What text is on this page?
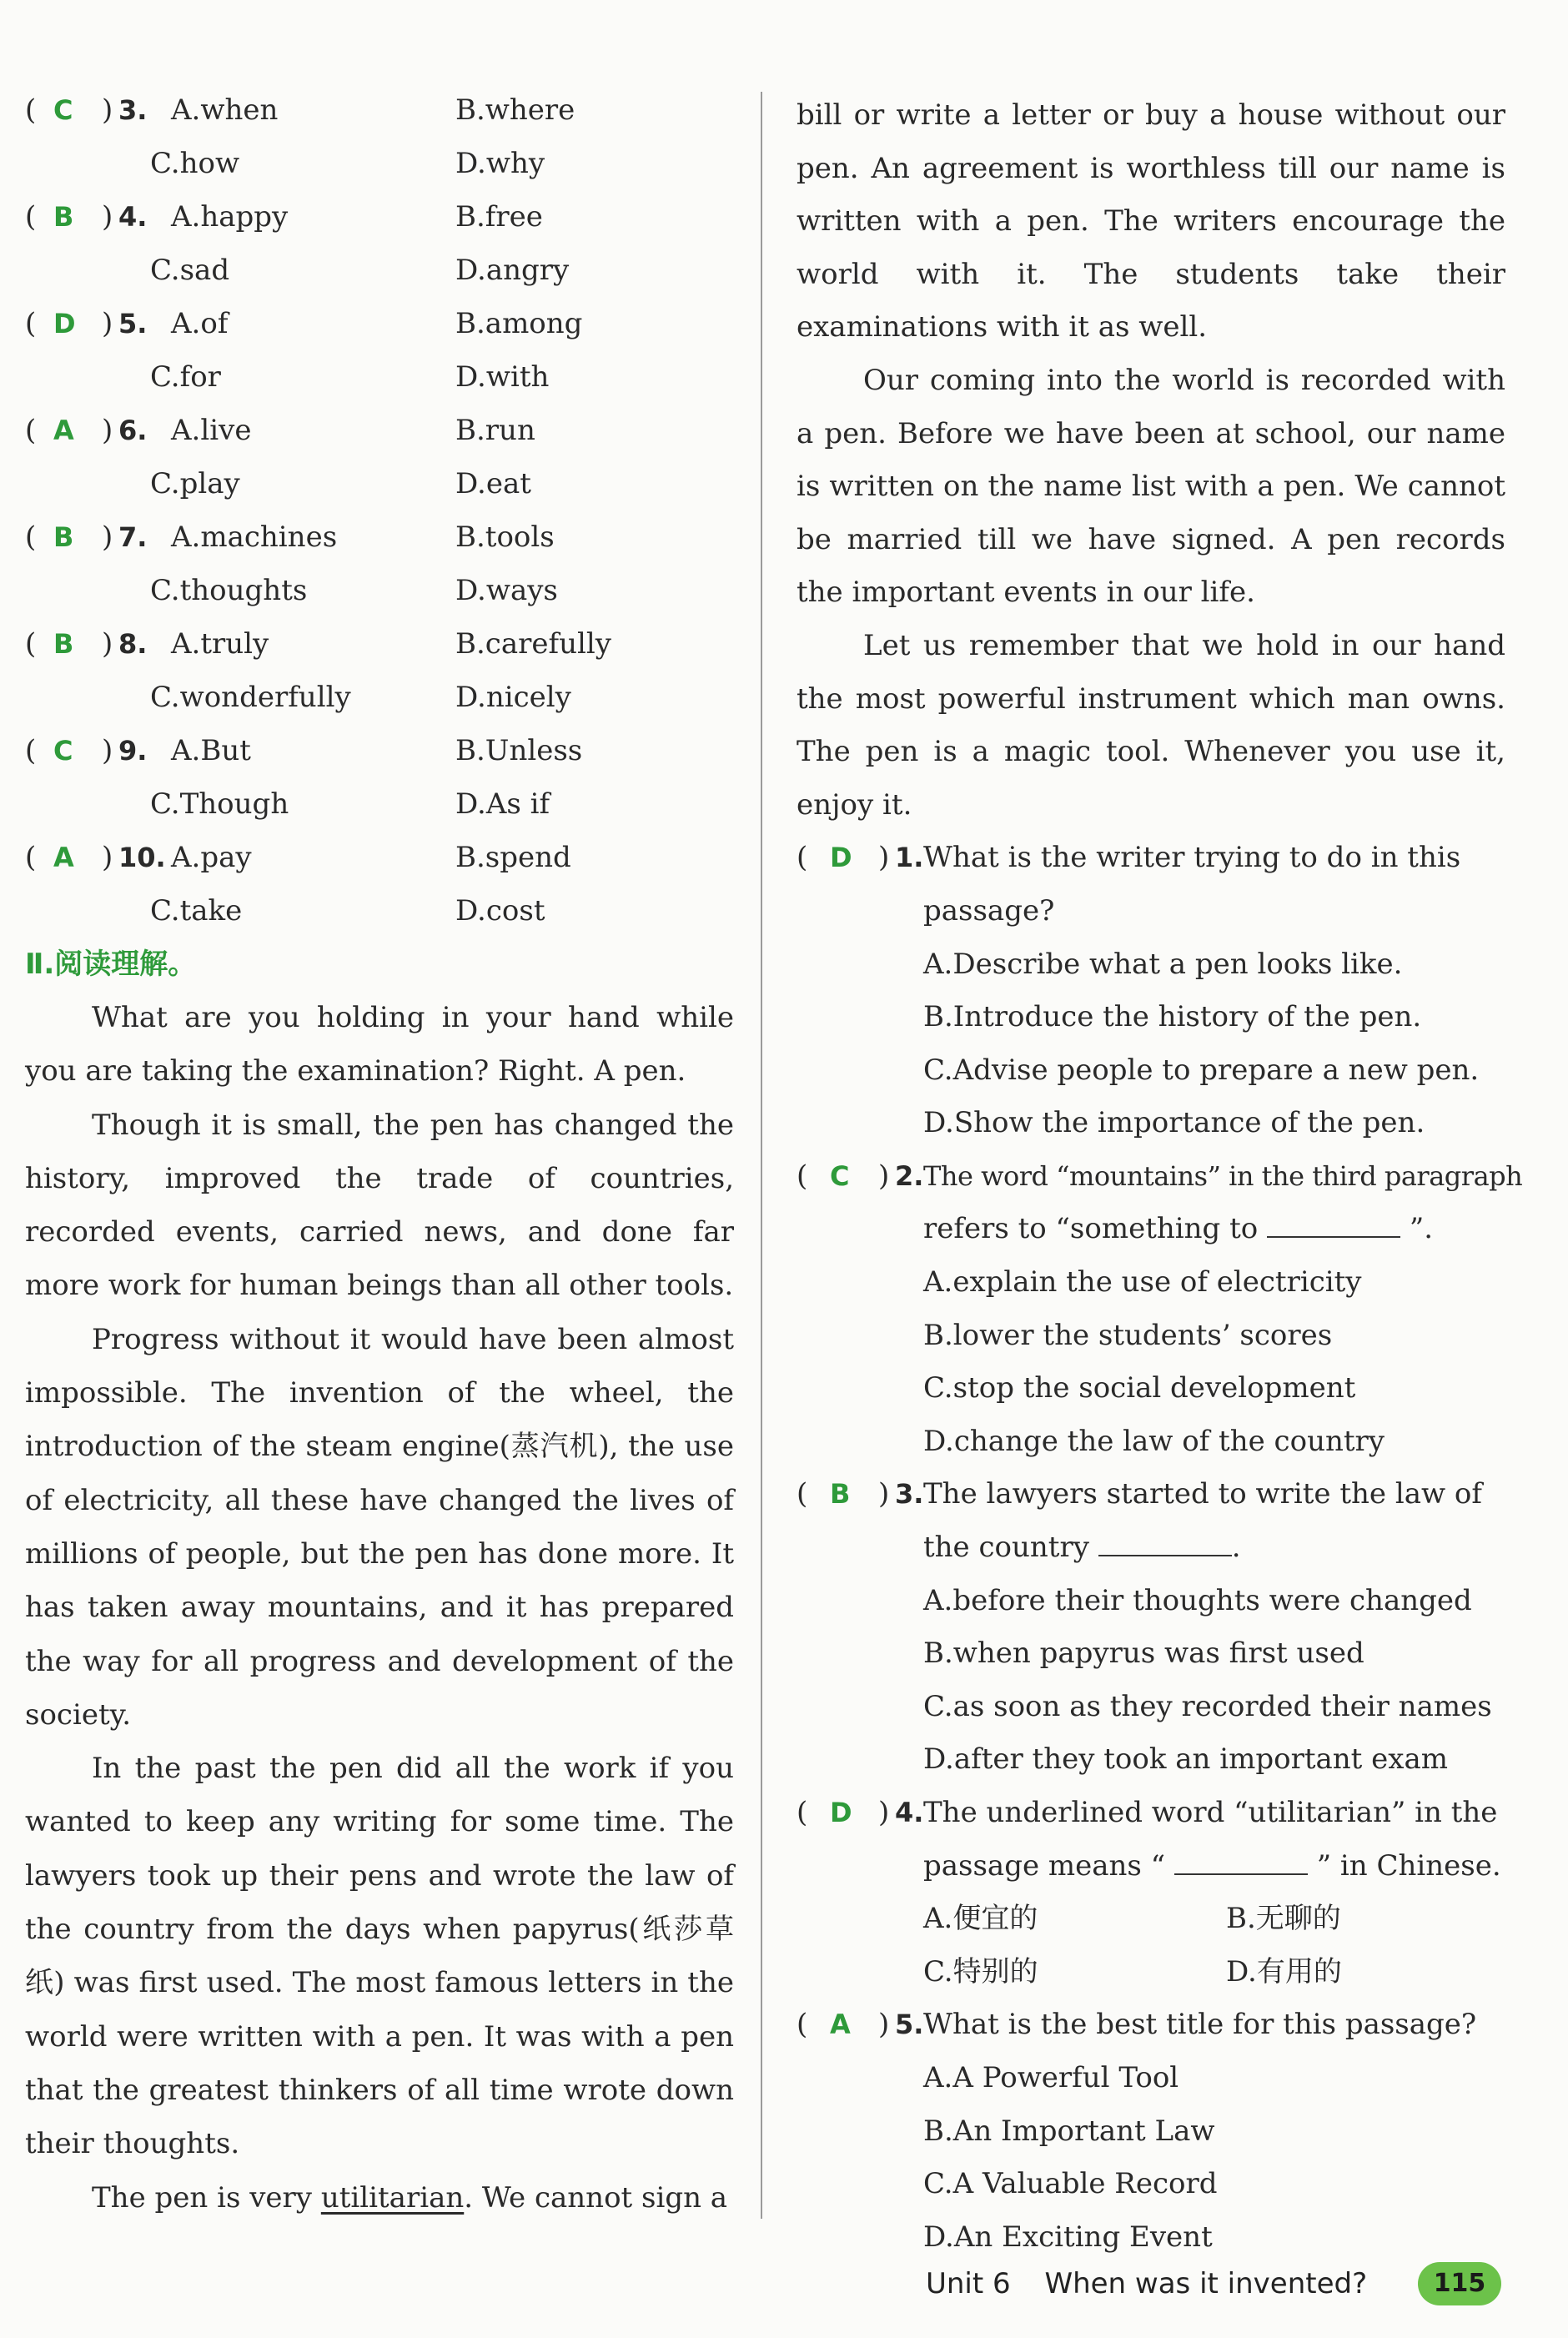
( C ) 3. A.when	B.where
C.how	D.why
( B ) 4. A.happy	B.free
C.sad	D.angry
( D ) 5. A.of	B.among
C.for	D.with
( A ) 6. A.live	B.run
C.play	D.eat
( B ) 7. A.machines	B.tools
C.thoughts	D.ways
( B ) 8. A.truly	B.carefully
C.wonderfully	D.nicely
( C ) 9. A.But	B.Unless
C.Though	D.As if
( A ) 10. A.pay	B.spend
C.take	D.cost
Ⅱ.阅读理解。

What are you holding in your hand while you are taking the examination? Right. A pen.

Though it is small, the pen has changed the history, improved the trade of countries, recorded events, carried news, and done far more work for human beings than all other tools.

Progress without it would have been almost impossible. The invention of the wheel, the introduction of the steam engine(蒸汽机), the use of electricity, all these have changed the lives of millions of people, but the pen has done more. It has taken away mountains, and it has prepared the way for all progress and development of the society.

In the past the pen did all the work if you wanted to keep any writing for some time. The lawyers took up their pens and wrote the law of the country from the days when papyrus(纸莎草纸) was first used. The most famous letters in the world were written with a pen. It was with a pen that the greatest thinkers of all time wrote down their thoughts.

The pen is very utilitarian. We cannot sign a

bill or write a letter or buy a house without our pen. An agreement is worthless till our name is written with a pen. The writers encourage the world with it. The students take their examinations with it as well.

Our coming into the world is recorded with a pen. Before we have been at school, our name is written on the name list with a pen. We cannot be married till we have signed. A pen records the important events in our life.

Let us remember that we hold in our hand the most powerful instrument which man owns. The pen is a magic tool. Whenever you use it, enjoy it.

( D ) 1. What is the writer trying to do in this
passage?
A.Describe what a pen looks like.
B.Introduce the history of the pen.
C.Advise people to prepare a new pen.
D.Show the importance of the pen.
( C ) 2. The word “mountains” in the third paragraph
refers to “something to	”.
A.explain the use of electricity
B.lower the students’ scores
C.stop the social development
D.change the law of the country
( B ) 3. The lawyers started to write the law of
the country	.
A.before their thoughts were changed
B.when papyrus was first used
C.as soon as they recorded their names
D.after they took an important exam
( D ) 4. The underlined word “utilitarian” in the
passage means “	” in Chinese.
A.便宜的	B.无聊的
C.特别的	D.有用的
( A ) 5. What is the best title for this passage?
A.A Powerful Tool
B.An Important Law
C.A Valuable Record
D.An Exciting Event
Unit 6 When was it invented?	115
